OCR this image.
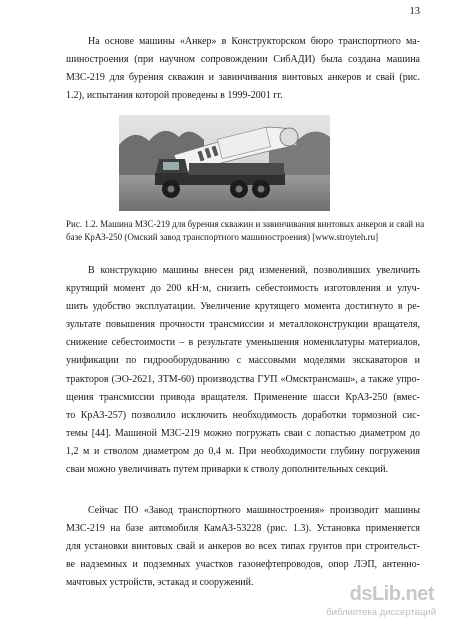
13

На основе машины «Анкер» в Конструкторском бюро транспортного ма-
шиностроения (при научном сопровождении СибАДИ) была создана машина
МЗС-219 для бурения скважин и завинчивания винтовых анкеров и свай (рис.
1.2), испытания которой проведены в 1999-2001 гг.

Рис. 1.2. Машина МЗС-219 для бурения скважин и завинчивания винтовых анкеров и свай на
базе КрАЗ-250 (Омский завод транспортного машиностроения) [www.stroyteh.ru]

В конструкцию машины внесен ряд изменений, позволивших увеличить
крутящий момент до 200 кН·м, снизить себестоимость изготовления и улуч-
шить удобство эксплуатации. Увеличение крутящего момента достигнуто в ре-
зультате повышения прочности трансмиссии и металлоконструкции вращателя,
снижение себестоимости – в результате уменьшения номенклатуры материалов,
унификации по гидрооборудованию с массовыми моделями экскаваторов и
тракторов (ЭО-2621, ЗТМ-60) производства ГУП «Омсктрансмаш», а также упро-
щения трансмиссии привода вращателя. Применение шасси КрАЗ-250 (вмес-
то КрАЗ-257) позволило исключить необходимость доработки тормозной сис-
темы [44]. Машиной МЗС-219 можно погружать сваи с лопастью диаметром до
1,2 м и стволом диаметром до 0,4 м. При необходимости глубину погружения
сваи можно увеличивать путем приварки к стволу дополнительных секций.

Сейчас ПО «Завод транспортного машиностроения» производит машины
МЗС-219 на базе автомобиля КамАЗ-53228 (рис. 1.3). Установка применяется
для установки винтовых свай и анкеров во всех типах грунтов при строительст-
ве надземных и подземных участков газонефтепроводов, опор ЛЭП, антенно-
мачтовых устройств, эстакад и сооружений.

dsLib.net
библиотека диссертаций
